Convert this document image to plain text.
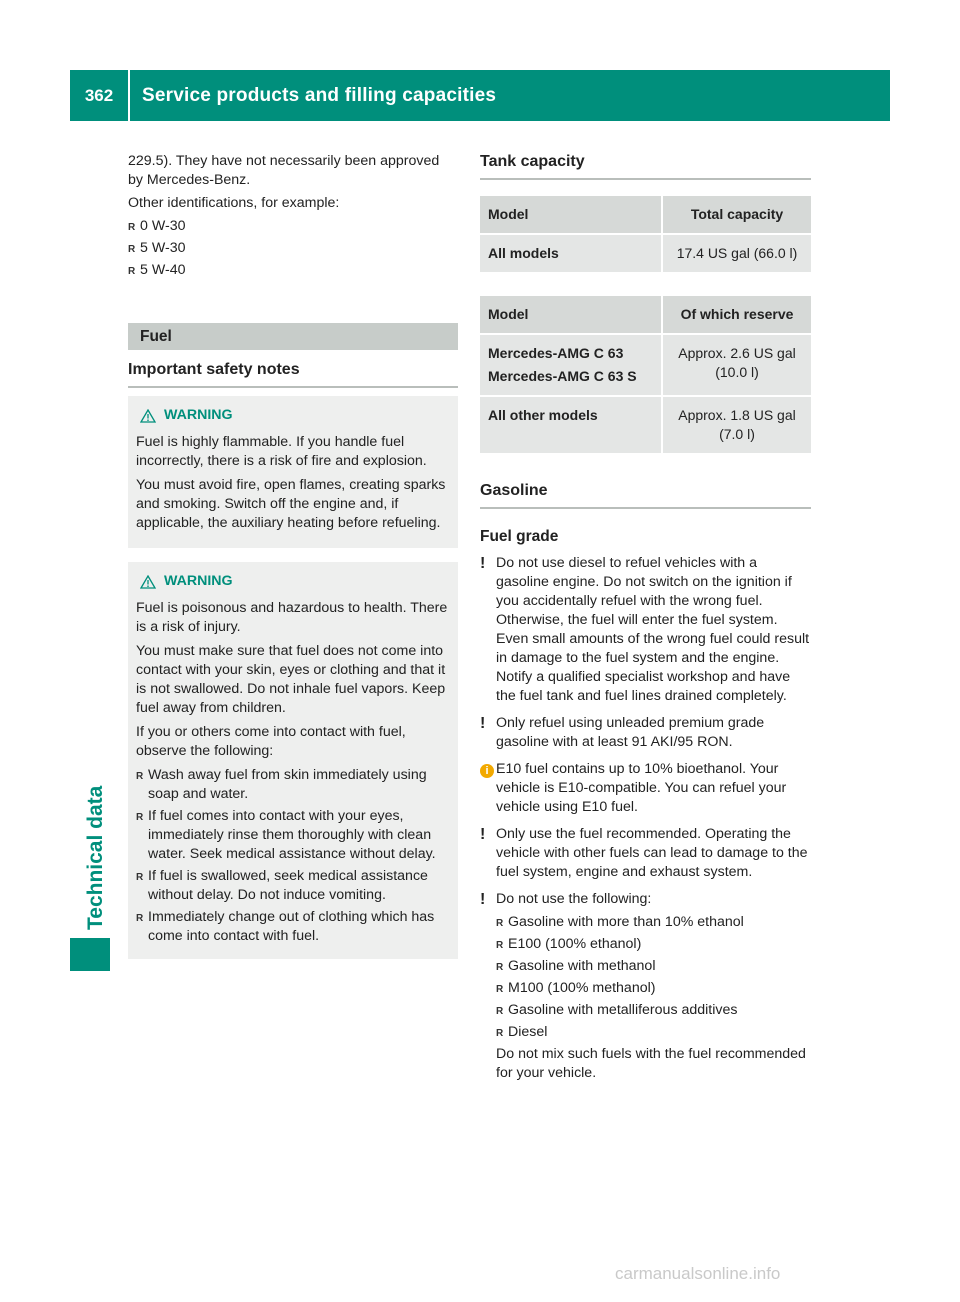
362	Service products and filling capacities
Technical data

229.5). They have not necessarily been approved by Mercedes-Benz.

Other identifications, for example:

R 0 W-30
R 5 W-30
R 5 W-40
Fuel
Important safety notes
WARNING

Fuel is highly flammable. If you handle fuel incorrectly, there is a risk of fire and explosion.

You must avoid fire, open flames, creating sparks and smoking. Switch off the engine and, if applicable, the auxiliary heating before refueling.

WARNING

Fuel is poisonous and hazardous to health. There is a risk of injury.

You must make sure that fuel does not come into contact with your skin, eyes or clothing and that it is not swallowed. Do not inhale fuel vapors. Keep fuel away from children.

If you or others come into contact with fuel, observe the following:

R Wash away fuel from skin immediately using soap and water.
R If fuel comes into contact with your eyes, immediately rinse them thoroughly with clean water. Seek medical assistance without delay.
R If fuel is swallowed, seek medical assistance without delay. Do not induce vomiting.
R Immediately change out of clothing which has come into contact with fuel.
Tank capacity
Model	Total capacity
All models	17.4 US gal (66.0 l)
Model	Of which reserve

Mercedes-AMG C 63
Mercedes-AMG C 63 S	Approx. 2.6 US gal (10.0 l)
All other models	Approx. 1.8 US gal (7.0 l)
Gasoline
Fuel grade
! Do not use diesel to refuel vehicles with a gasoline engine. Do not switch on the ignition if you accidentally refuel with the wrong fuel. Otherwise, the fuel will enter the fuel system. Even small amounts of the wrong fuel could result in damage to the fuel system and the engine. Notify a qualified specialist workshop and have the fuel tank and fuel lines drained completely.
! Only refuel using unleaded premium grade gasoline with at least 91 AKI/95 RON.
i E10 fuel contains up to 10% bioethanol. Your vehicle is E10-compatible. You can refuel your vehicle using E10 fuel.
! Only use the fuel recommended. Operating the vehicle with other fuels can lead to damage to the fuel system, engine and exhaust system.
! Do not use the following:

R Gasoline with more than 10% ethanol
R E100 (100% ethanol)
R Gasoline with methanol
R M100 (100% methanol)
R Gasoline with metalliferous additives
R Diesel

Do not mix such fuels with the fuel recommended for your vehicle.

carmanualsonline.info
